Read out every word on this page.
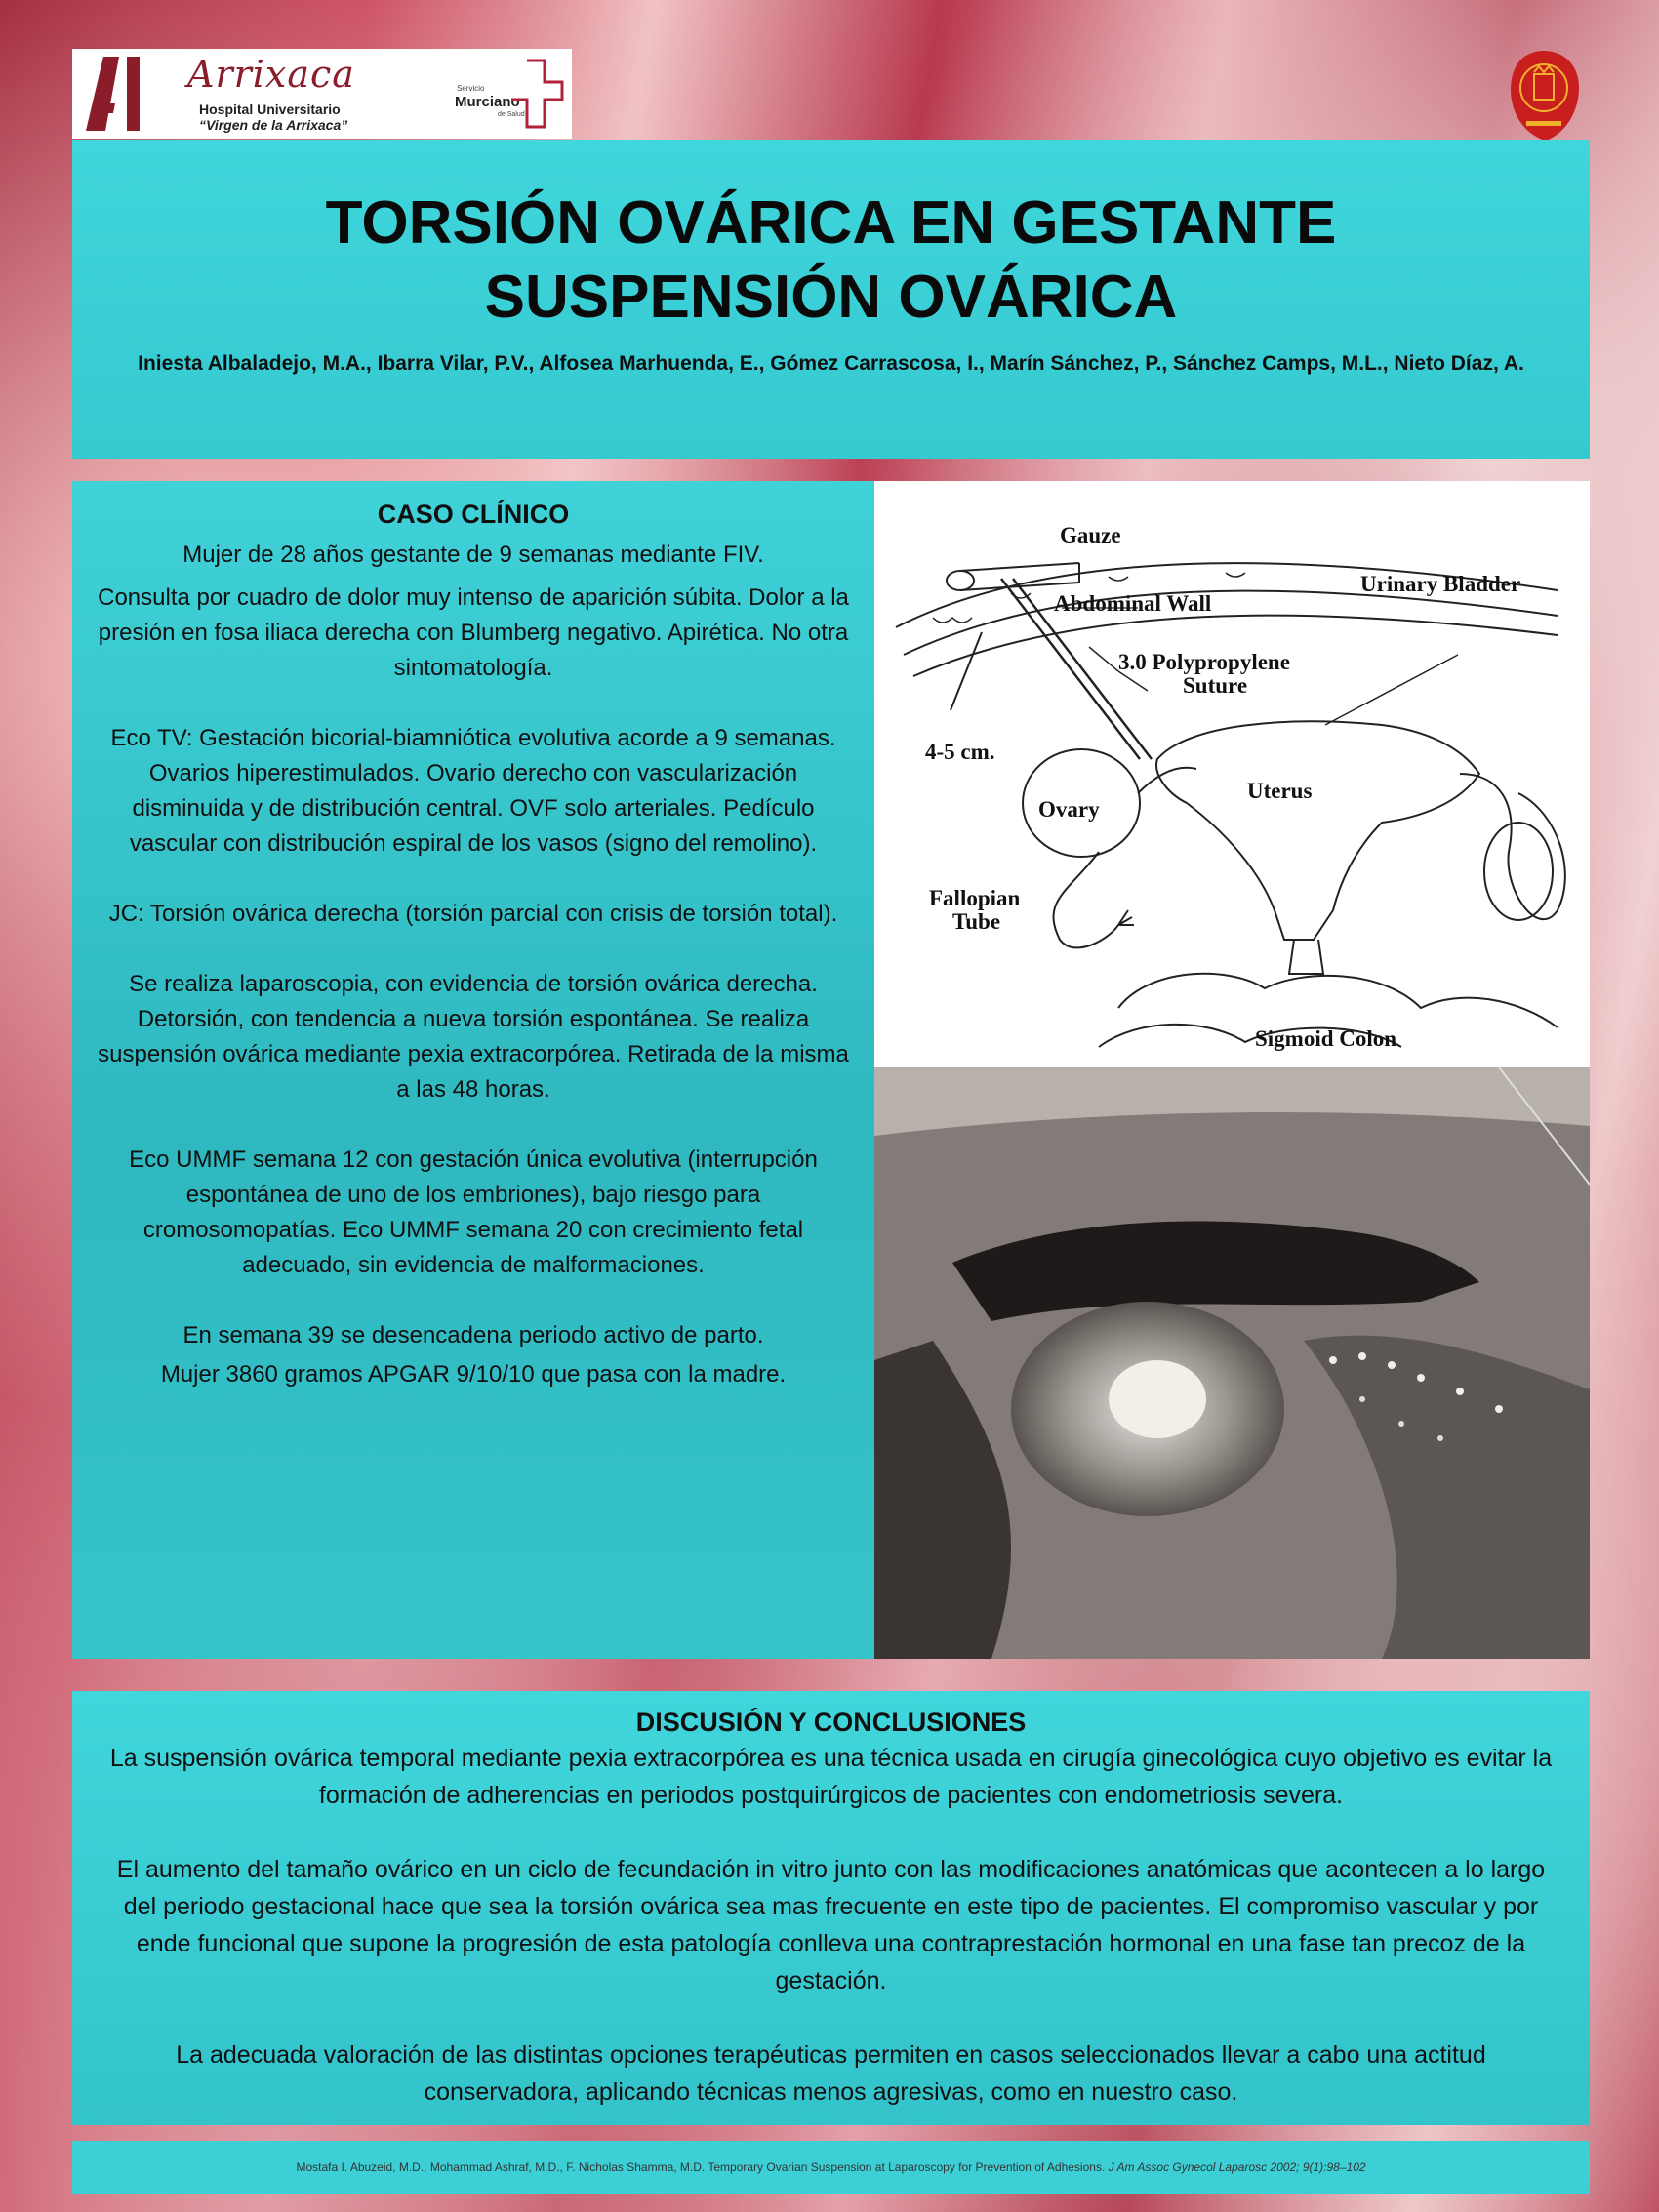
Arrixaca
Hospital Universitario
“Virgen de la Arrixaca”
Servicio
Murciano
de Salud
TORSIÓN OVÁRICA EN GESTANTE
SUSPENSIÓN OVÁRICA
Iniesta Albaladejo, M.A., Ibarra Vilar, P.V., Alfosea Marhuenda, E., Gómez Carrascosa, I., Marín Sánchez, P., Sánchez Camps, M.L., Nieto Díaz, A.
CASO CLÍNICO
Mujer de 28 años gestante de 9 semanas mediante FIV.
Consulta por cuadro de dolor muy intenso de aparición súbita. Dolor a la presión en fosa iliaca derecha con Blumberg negativo. Apirética. No otra sintomatología.
Eco TV: Gestación bicorial-biamniótica evolutiva acorde a 9 semanas. Ovarios hiperestimulados. Ovario derecho con vascularización disminuida y de distribución central. OVF solo arteriales. Pedículo vascular con distribución espiral de los vasos (signo del remolino).
JC: Torsión ovárica derecha (torsión parcial con crisis de torsión total).
Se realiza laparoscopia, con evidencia de torsión ovárica derecha. Detorsión, con tendencia a nueva torsión espontánea. Se realiza suspensión ovárica mediante pexia extracorpórea. Retirada de la misma a las 48 horas.
Eco UMMF semana 12 con gestación única evolutiva (interrupción espontánea de uno de los embriones), bajo riesgo para cromosomopatías. Eco UMMF semana 20 con crecimiento fetal adecuado, sin evidencia de malformaciones.
En semana 39 se desencadena periodo activo de parto.
Mujer 3860 gramos APGAR 9/10/10 que pasa con la madre.
Gauze
Abdominal Wall
Urinary Bladder
3.0 Polypropylene
Suture
4-5 cm.
Uterus
Ovary
Fallopian
Tube
Sigmoid Colon
DISCUSIÓN Y CONCLUSIONES
La suspensión ovárica temporal mediante pexia extracorpórea es una técnica usada en cirugía ginecológica cuyo objetivo es evitar la formación de adherencias en periodos postquirúrgicos de pacientes con endometriosis severa.
El aumento del tamaño ovárico en un ciclo de fecundación in vitro junto con las modificaciones anatómicas que acontecen a lo largo del periodo gestacional hace que sea la torsión ovárica sea mas frecuente en este tipo de pacientes. El compromiso vascular y por ende funcional que supone la progresión de esta patología conlleva una contraprestación hormonal en una fase tan precoz de la gestación.
La adecuada valoración de las distintas opciones terapéuticas permiten en casos seleccionados llevar a cabo una actitud conservadora, aplicando técnicas menos agresivas, como en nuestro caso.
Mostafa I. Abuzeid, M.D., Mohammad Ashraf, M.D., F. Nicholas Shamma, M.D. Temporary Ovarian Suspension at Laparoscopy for Prevention of Adhesions. J Am Assoc Gynecol Laparosc 2002; 9(1):98–102
